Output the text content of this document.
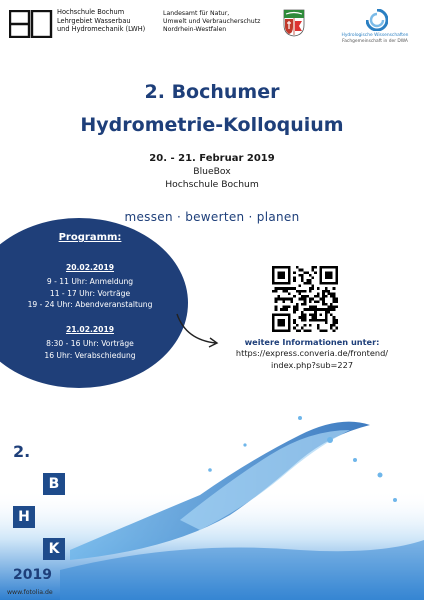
Hochschule Bochum
Lehrgebiet Wasserbau
und Hydromechanik (LWH)
Landesamt für Natur,
Umwelt und Verbraucherschutz
Nordrhein-Westfalen
Hydrologische Wissenschaften
Fachgemeinschaft in der DWA
2. Bochumer
Hydrometrie-Kolloquium
20. - 21. Februar 2019
BlueBox
Hochschule Bochum
messen · bewerten · planen
Programm:
20.02.2019
9 - 11 Uhr: Anmeldung
11 - 17 Uhr: Vorträge
19 - 24 Uhr: Abendveranstaltung
21.02.2019
8:30 - 16 Uhr: Vorträge
16 Uhr: Verabschiedung
weitere Informationen unter:
https://express.converia.de/frontend/
index.php?sub=227
2.
B
H
K
2019
www.fotolia.de
